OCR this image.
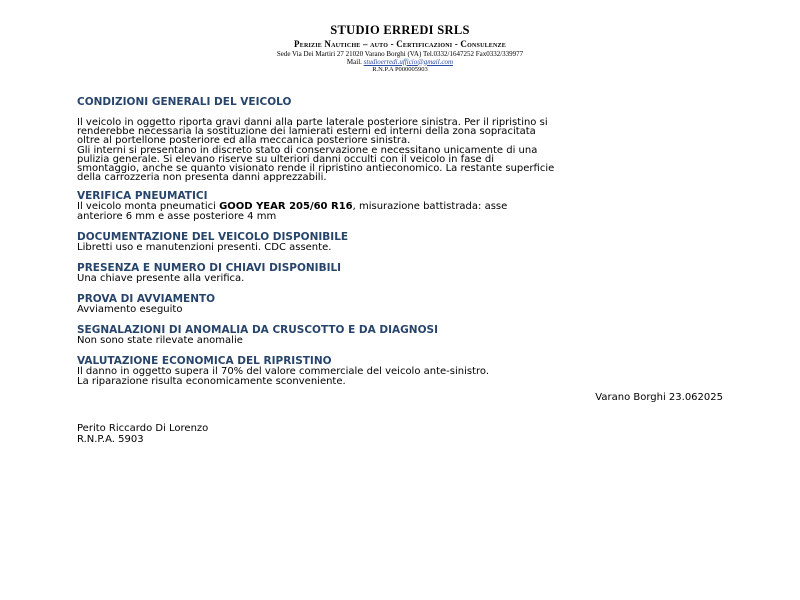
STUDIO ERREDI SRLS
Perizie Nautiche – auto - Certificazioni - Consulenze
Sede Via Dei Martiri 27 21020 Varano Borghi (VA) Tel.0332/1647252 Fax0332/339977
Mail. studioerredi.ufficio@gmail.com
R.N.P.A P000005903
CONDIZIONI GENERALI DEL VEICOLO
Il veicolo in oggetto riporta gravi danni alla parte laterale posteriore sinistra. Per il ripristino si
renderebbe necessaria la sostituzione dei lamierati esterni ed interni della zona sopracitata
oltre al portellone posteriore ed alla meccanica posteriore sinistra.
Gli interni si presentano in discreto stato di conservazione e necessitano unicamente di una
pulizia generale. Si elevano riserve su ulteriori danni occulti con il veicolo in fase di
smontaggio, anche se quanto visionato rende il ripristino antieconomico. La restante superficie
della carrozzeria non presenta danni apprezzabili.
VERIFICA PNEUMATICI
Il veicolo monta pneumatici GOOD YEAR 205/60 R16, misurazione battistrada: asse
anteriore 6 mm e asse posteriore 4 mm
DOCUMENTAZIONE DEL VEICOLO DISPONIBILE
Libretti uso e manutenzioni presenti. CDC assente.
PRESENZA E NUMERO DI CHIAVI DISPONIBILI
Una chiave presente alla verifica.
PROVA DI AVVIAMENTO
Avviamento eseguito
SEGNALAZIONI DI ANOMALIA DA CRUSCOTTO E DA DIAGNOSI
Non sono state rilevate anomalie
VALUTAZIONE ECONOMICA DEL RIPRISTINO
Il danno in oggetto supera il 70% del valore commerciale del veicolo ante-sinistro.
La riparazione risulta economicamente sconveniente.
Varano Borghi 23.062025
Perito Riccardo Di Lorenzo
R.N.P.A. 5903
